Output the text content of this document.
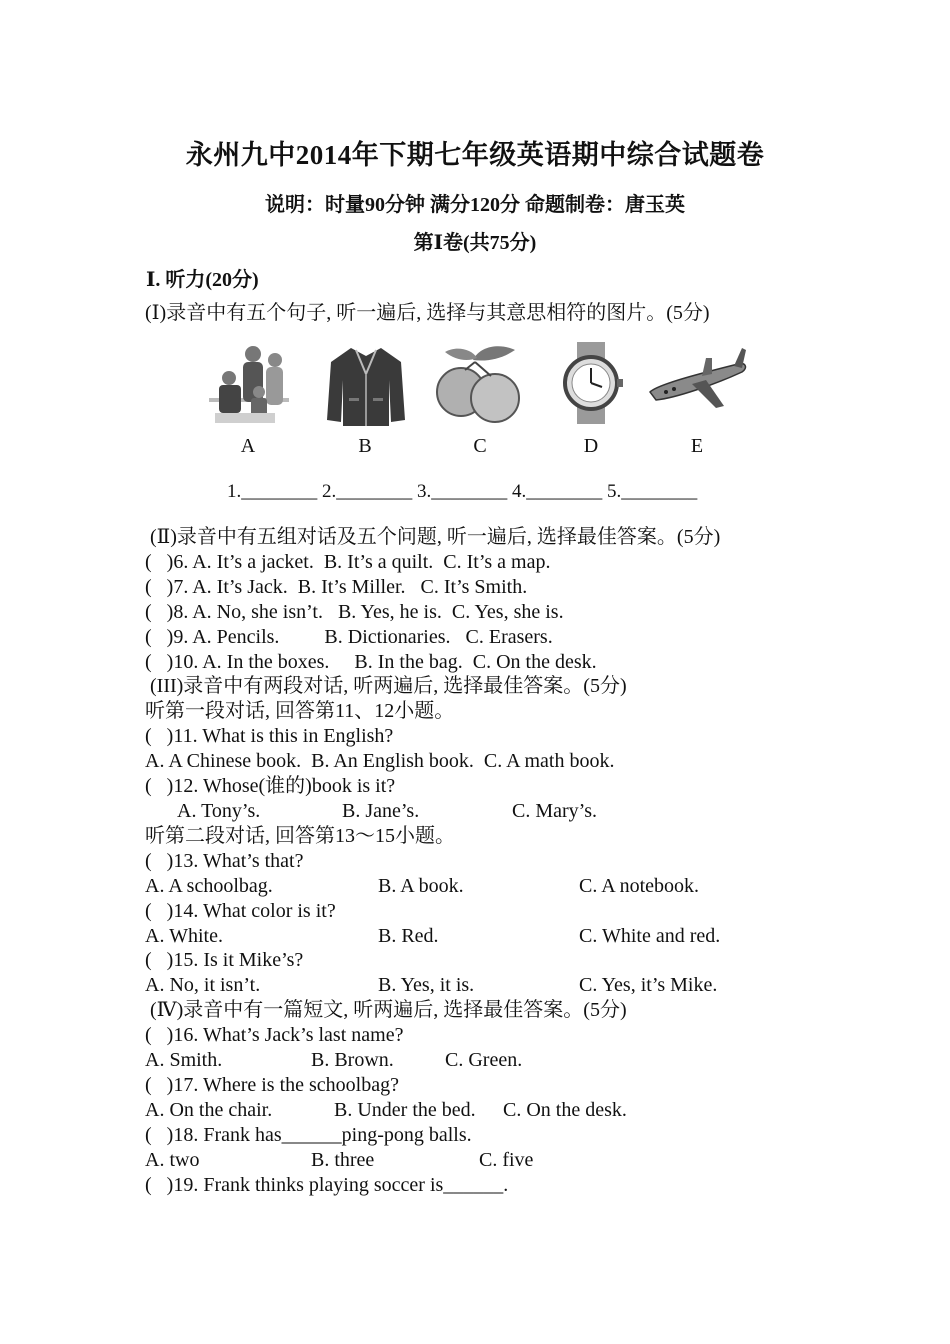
永州九中2014年下期七年级英语期中综合试题卷
说明：时量90分钟 满分120分 命题制卷：唐玉英
第Ⅰ卷(共75分)
Ⅰ. 听力(20分)
(Ⅰ)录音中有五个句子, 听一遍后, 选择与其意思相符的图片。(5分)
A	B	C	D	E
1.________ 2.________ 3.________ 4.________ 5.________
(Ⅱ)录音中有五组对话及五个问题, 听一遍后, 选择最佳答案。(5分)
(   )6. A. It’s a jacket.  B. It’s a quilt.  C. It’s a map.
(   )7. A. It’s Jack.  B. It’s Miller.   C. It’s Smith.
(   )8. A. No, she isn’t.   B. Yes, he is.  C. Yes, she is.
(   )9. A. Pencils.         B. Dictionaries.   C. Erasers.
(   )10. A. In the boxes.     B. In the bag.  C. On the desk.
(III)录音中有两段对话, 听两遍后, 选择最佳答案。(5分)
听第一段对话, 回答第11、12小题。
(   )11. What is this in English?
A. A Chinese book.  B. An English book.  C. A math book.
(   )12. Whose(谁的)book is it?
A. Tony’s.	B. Jane’s.	C. Mary’s.
听第二段对话, 回答第13～15小题。
(   )13. What’s that?
A. A schoolbag.	B. A book.	C. A notebook.
(   )14. What color is it?
A. White.	B. Red.	C. White and red.
(   )15. Is it Mike’s?
A. No, it isn’t.	B. Yes, it is.	C. Yes, it’s Mike.
(Ⅳ)录音中有一篇短文, 听两遍后, 选择最佳答案。(5分)
(   )16. What’s Jack’s last name?
A. Smith.	B. Brown.	C. Green.
(   )17. Where is the schoolbag?
A. On the chair.	B. Under the bed. C. On the desk.
(   )18. Frank has______ping-pong balls.
A. two	B. three	C. five
(   )19. Frank thinks playing soccer is______.
